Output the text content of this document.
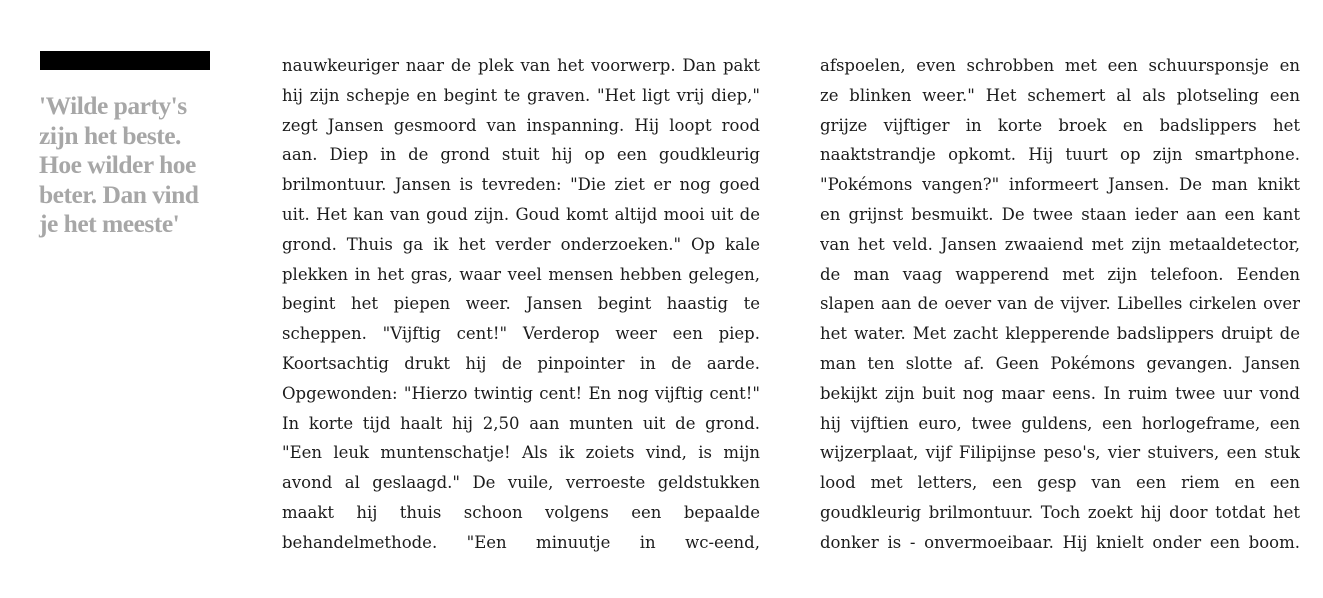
'Wilde party's
zijn het beste.
Hoe wilder hoe
beter. Dan vind
je het meeste'
nauwkeuriger naar de plek van het voorwerp. Dan pakt
hij zijn schepje en begint te graven. "Het ligt vrij diep,"
zegt Jansen gesmoord van inspanning. Hij loopt rood
aan. Diep in de grond stuit hij op een goudkleurig
brilmontuur. Jansen is tevreden: "Die ziet er nog goed
uit. Het kan van goud zijn. Goud komt altijd mooi uit de
grond. Thuis ga ik het verder onderzoeken." Op kale
plekken in het gras, waar veel mensen hebben gelegen,
begint het piepen weer. Jansen begint haastig te
scheppen. "Vijftig cent!" Verderop weer een piep.
Koortsachtig drukt hij de pinpointer in de aarde.
Opgewonden: "Hierzo twintig cent! En nog vijftig cent!"
In korte tijd haalt hij 2,50 aan munten uit de grond.
"Een leuk muntenschatje! Als ik zoiets vind, is mijn
avond al geslaagd." De vuile, verroeste geldstukken
maakt hij thuis schoon volgens een bepaalde
behandelmethode. "Een minuutje in wc-eend,
afspoelen, even schrobben met een schuursponsje en
ze blinken weer." Het schemert al als plotseling een
grijze vijftiger in korte broek en badslippers het
naaktstrandje opkomt. Hij tuurt op zijn smartphone.
"Pokémons vangen?" informeert Jansen. De man knikt
en grijnst besmuikt. De twee staan ieder aan een kant
van het veld. Jansen zwaaiend met zijn metaaldetector,
de man vaag wapperend met zijn telefoon. Eenden
slapen aan de oever van de vijver. Libelles cirkelen over
het water. Met zacht klepperende badslippers druipt de
man ten slotte af. Geen Pokémons gevangen. Jansen
bekijkt zijn buit nog maar eens. In ruim twee uur vond
hij vijftien euro, twee guldens, een horlogeframe, een
wijzerplaat, vijf Filipijnse peso's, vier stuivers, een stuk
lood met letters, een gesp van een riem en een
goudkleurig brilmontuur. Toch zoekt hij door totdat het
donker is - onvermoeibaar. Hij knielt onder een boom.
